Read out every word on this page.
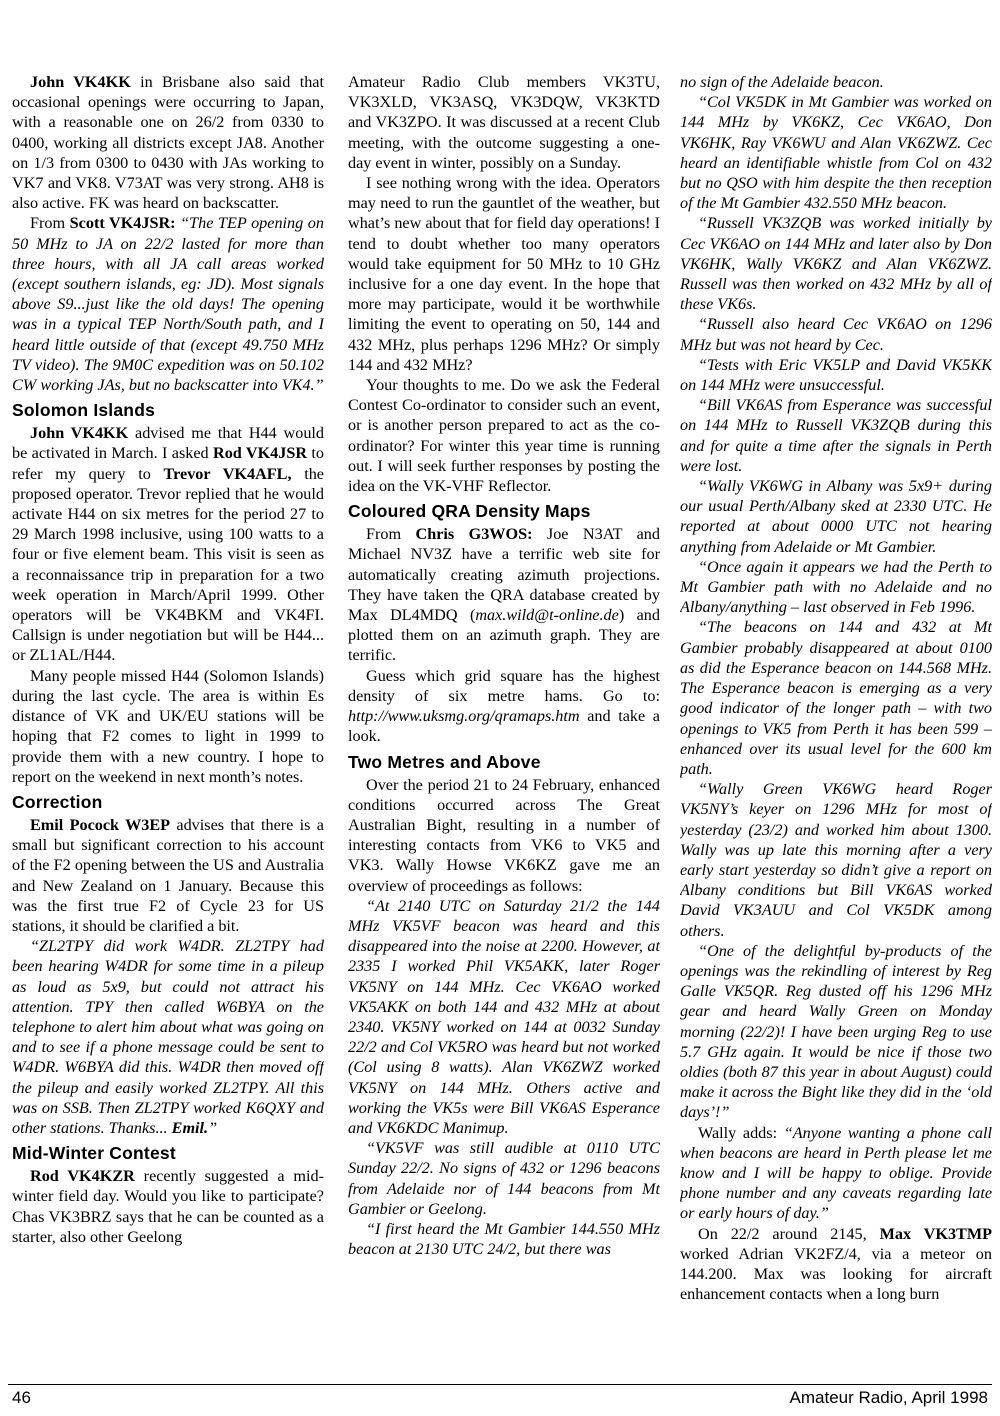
John VK4KK in Brisbane also said that occasional openings were occurring to Japan, with a reasonable one on 26/2 from 0330 to 0400, working all districts except JA8. Another on 1/3 from 0300 to 0430 with JAs working to VK7 and VK8. V73AT was very strong. AH8 is also active. FK was heard on backscatter.

From Scott VK4JSR: “The TEP opening on 50 MHz to JA on 22/2 lasted for more than three hours, with all JA call areas worked (except southern islands, eg: JD). Most signals above S9...just like the old days! The opening was in a typical TEP North/South path, and I heard little outside of that (except 49.750 MHz TV video). The 9M0C expedition was on 50.102 CW working JAs, but no backscatter into VK4.”

Solomon Islands

John VK4KK advised me that H44 would be activated in March. I asked Rod VK4JSR to refer my query to Trevor VK4AFL, the proposed operator. Trevor replied that he would activate H44 on six metres for the period 27 to 29 March 1998 inclusive, using 100 watts to a four or five element beam. This visit is seen as a reconnaissance trip in preparation for a two week operation in March/April 1999. Other operators will be VK4BKM and VK4FI. Callsign is under negotiation but will be H44... or ZL1AL/H44.

Many people missed H44 (Solomon Islands) during the last cycle. The area is within Es distance of VK and UK/EU stations will be hoping that F2 comes to light in 1999 to provide them with a new country. I hope to report on the weekend in next month’s notes.

Correction

Emil Pocock W3EP advises that there is a small but significant correction to his account of the F2 opening between the US and Australia and New Zealand on 1 January. Because this was the first true F2 of Cycle 23 for US stations, it should be clarified a bit.

“ZL2TPY did work W4DR. ZL2TPY had been hearing W4DR for some time in a pileup as loud as 5x9, but could not attract his attention. TPY then called W6BYA on the telephone to alert him about what was going on and to see if a phone message could be sent to W4DR. W6BYA did this. W4DR then moved off the pileup and easily worked ZL2TPY. All this was on SSB. Then ZL2TPY worked K6QXY and other stations. Thanks... Emil.”

Mid-Winter Contest

Rod VK4KZR recently suggested a mid-winter field day. Would you like to participate? Chas VK3BRZ says that he can be counted as a starter, also other Geelong

Amateur Radio Club members VK3TU, VK3XLD, VK3ASQ, VK3DQW, VK3KTD and VK3ZPO. It was discussed at a recent Club meeting, with the outcome suggesting a one-day event in winter, possibly on a Sunday.

I see nothing wrong with the idea. Operators may need to run the gauntlet of the weather, but what’s new about that for field day operations! I tend to doubt whether too many operators would take equipment for 50 MHz to 10 GHz inclusive for a one day event. In the hope that more may participate, would it be worthwhile limiting the event to operating on 50, 144 and 432 MHz, plus perhaps 1296 MHz? Or simply 144 and 432 MHz?

Your thoughts to me. Do we ask the Federal Contest Co-ordinator to consider such an event, or is another person prepared to act as the co-ordinator? For winter this year time is running out. I will seek further responses by posting the idea on the VK-VHF Reflector.

Coloured QRA Density Maps

From Chris G3WOS: Joe N3AT and Michael NV3Z have a terrific web site for automatically creating azimuth projections. They have taken the QRA database created by Max DL4MDQ (max.wild@t-online.de) and plotted them on an azimuth graph. They are terrific.

Guess which grid square has the highest density of six metre hams. Go to: http://www.uksmg.org/qramaps.htm and take a look.

Two Metres and Above

Over the period 21 to 24 February, enhanced conditions occurred across The Great Australian Bight, resulting in a number of interesting contacts from VK6 to VK5 and VK3. Wally Howse VK6KZ gave me an overview of proceedings as follows:

“At 2140 UTC on Saturday 21/2 the 144 MHz VK5VF beacon was heard and this disappeared into the noise at 2200. However, at 2335 I worked Phil VK5AKK, later Roger VK5NY on 144 MHz. Cec VK6AO worked VK5AKK on both 144 and 432 MHz at about 2340. VK5NY worked on 144 at 0032 Sunday 22/2 and Col VK5RO was heard but not worked (Col using 8 watts). Alan VK6ZWZ worked VK5NY on 144 MHz. Others active and working the VK5s were Bill VK6AS Esperance and VK6KDC Manimup.

“VK5VF was still audible at 0110 UTC Sunday 22/2. No signs of 432 or 1296 beacons from Adelaide nor of 144 beacons from Mt Gambier or Geelong.

“I first heard the Mt Gambier 144.550 MHz beacon at 2130 UTC 24/2, but there was

no sign of the Adelaide beacon.

“Col VK5DK in Mt Gambier was worked on 144 MHz by VK6KZ, Cec VK6AO, Don VK6HK, Ray VK6WU and Alan VK6ZWZ. Cec heard an identifiable whistle from Col on 432 but no QSO with him despite the then reception of the Mt Gambier 432.550 MHz beacon.

“Russell VK3ZQB was worked initially by Cec VK6AO on 144 MHz and later also by Don VK6HK, Wally VK6KZ and Alan VK6ZWZ. Russell was then worked on 432 MHz by all of these VK6s.

“Russell also heard Cec VK6AO on 1296 MHz but was not heard by Cec.

“Tests with Eric VK5LP and David VK5KK on 144 MHz were unsuccessful.

“Bill VK6AS from Esperance was successful on 144 MHz to Russell VK3ZQB during this and for quite a time after the signals in Perth were lost.

“Wally VK6WG in Albany was 5x9+ during our usual Perth/Albany sked at 2330 UTC. He reported at about 0000 UTC not hearing anything from Adelaide or Mt Gambier.

“Once again it appears we had the Perth to Mt Gambier path with no Adelaide and no Albany/anything – last observed in Feb 1996.

“The beacons on 144 and 432 at Mt Gambier probably disappeared at about 0100 as did the Esperance beacon on 144.568 MHz. The Esperance beacon is emerging as a very good indicator of the longer path – with two openings to VK5 from Perth it has been 599 – enhanced over its usual level for the 600 km path.

“Wally Green VK6WG heard Roger VK5NY’s keyer on 1296 MHz for most of yesterday (23/2) and worked him about 1300. Wally was up late this morning after a very early start yesterday so didn’t give a report on Albany conditions but Bill VK6AS worked David VK3AUU and Col VK5DK among others.

“One of the delightful by-products of the openings was the rekindling of interest by Reg Galle VK5QR. Reg dusted off his 1296 MHz gear and heard Wally Green on Monday morning (22/2)! I have been urging Reg to use 5.7 GHz again. It would be nice if those two oldies (both 87 this year in about August) could make it across the Bight like they did in the ‘old days’!”

Wally adds: “Anyone wanting a phone call when beacons are heard in Perth please let me know and I will be happy to oblige. Provide phone number and any caveats regarding late or early hours of day.”

On 22/2 around 2145, Max VK3TMP worked Adrian VK2FZ/4, via a meteor on 144.200. Max was looking for aircraft enhancement contacts when a long burn

46	Amateur Radio, April 1998
